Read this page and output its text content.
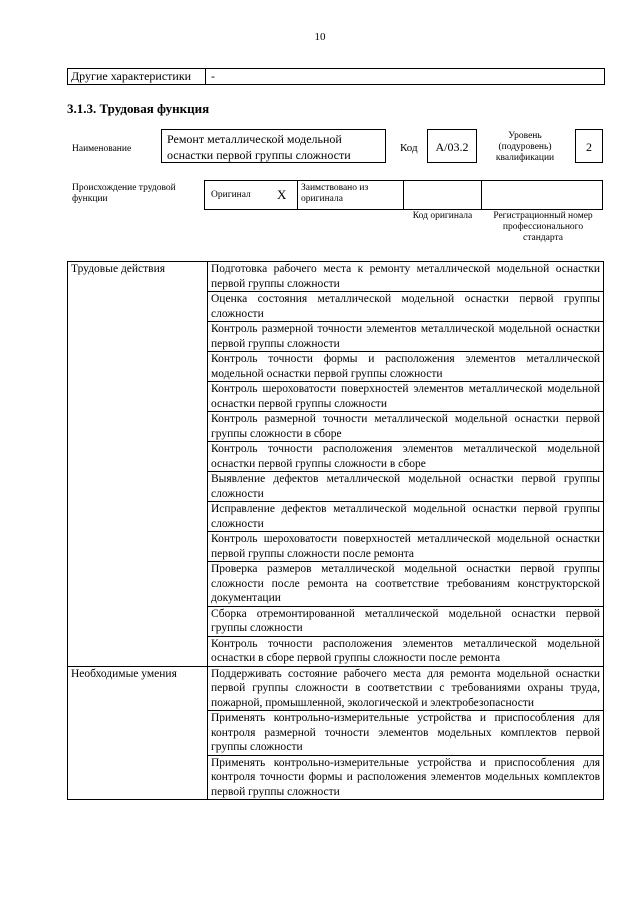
10
Другие характеристики -
3.1.3. Трудовая функция
Наименование
Ремонт металлической модельной оснастки первой группы сложности	Код	А/03.2
Уровень (подуровень) квалификации
2
Происхождение трудовой функции	Оригинал X Заимствовано из оригинала
Код оригинала	Регистрационный номер профессионального стандарта
Трудовые действия	Подготовка рабочего места к ремонту металлической модельной оснастки первой группы сложности
	Оценка состояния металлической модельной оснастки первой группы сложности
	Контроль размерной точности элементов металлической модельной оснастки первой группы сложности
	Контроль точности формы и расположения элементов металлической модельной оснастки первой группы сложности
	Контроль шероховатости поверхностей элементов металлической модельной оснастки первой группы сложности
	Контроль размерной точности металлической модельной оснастки первой группы сложности в сборе
	Контроль точности расположения элементов металлической модельной оснастки первой группы сложности в сборе
	Выявление дефектов металлической модельной оснастки первой группы сложности
	Исправление дефектов металлической модельной оснастки первой группы сложности
	Контроль шероховатости поверхностей металлической модельной оснастки первой группы сложности после ремонта
	Проверка размеров металлической модельной оснастки первой группы сложности после ремонта на соответствие требованиям конструкторской документации
	Сборка отремонтированной металлической модельной оснастки первой группы сложности
	Контроль точности расположения элементов металлической модельной оснастки в сборе первой группы сложности после ремонта
Необходимые умения	Поддерживать состояние рабочего места для ремонта модельной оснастки первой группы сложности в соответствии с требованиями охраны труда, пожарной, промышленной, экологической и электробезопасности
	Применять контрольно-измерительные устройства и приспособления для контроля размерной точности элементов модельных комплектов первой группы сложности
	Применять контрольно-измерительные устройства и приспособления для контроля точности формы и расположения элементов модельных комплектов первой группы сложности
